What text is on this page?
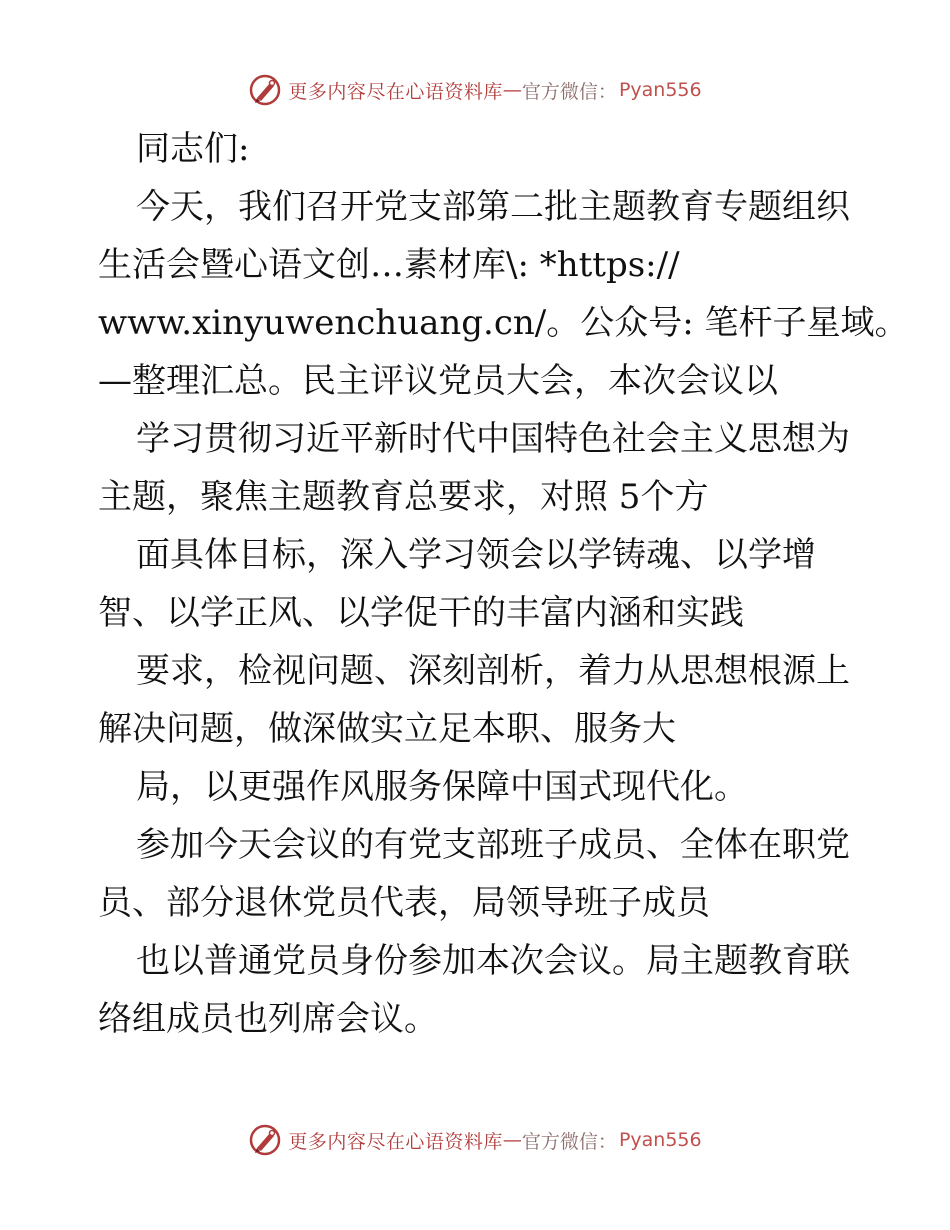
更多内容尽在心语资料库 — 官方微信： Pyan556
同志们:
今天，我们召开党支部第二批主题教育专题组织
生活会暨心语文创…素材库\: *https://
www.xinyuwenchuang.cn/。公众号: 笔杆子星域。
—整理汇总。民主评议党员大会，本次会议以
学习贯彻习近平新时代中国特色社会主义思想为
主题，聚焦主题教育总要求，对照 5个方
面具体目标，深入学习领会以学铸魂、以学增
智、以学正风、以学促干的丰富内涵和实践
要求，检视问题、深刻剖析，着力从思想根源上
解决问题，做深做实立足本职、服务大
局，以更强作风服务保障中国式现代化。
参加今天会议的有党支部班子成员、全体在职党
员、部分退休党员代表，局领导班子成员
也以普通党员身份参加本次会议。局主题教育联
络组成员也列席会议。
更多内容尽在心语资料库 — 官方微信： Pyan556
